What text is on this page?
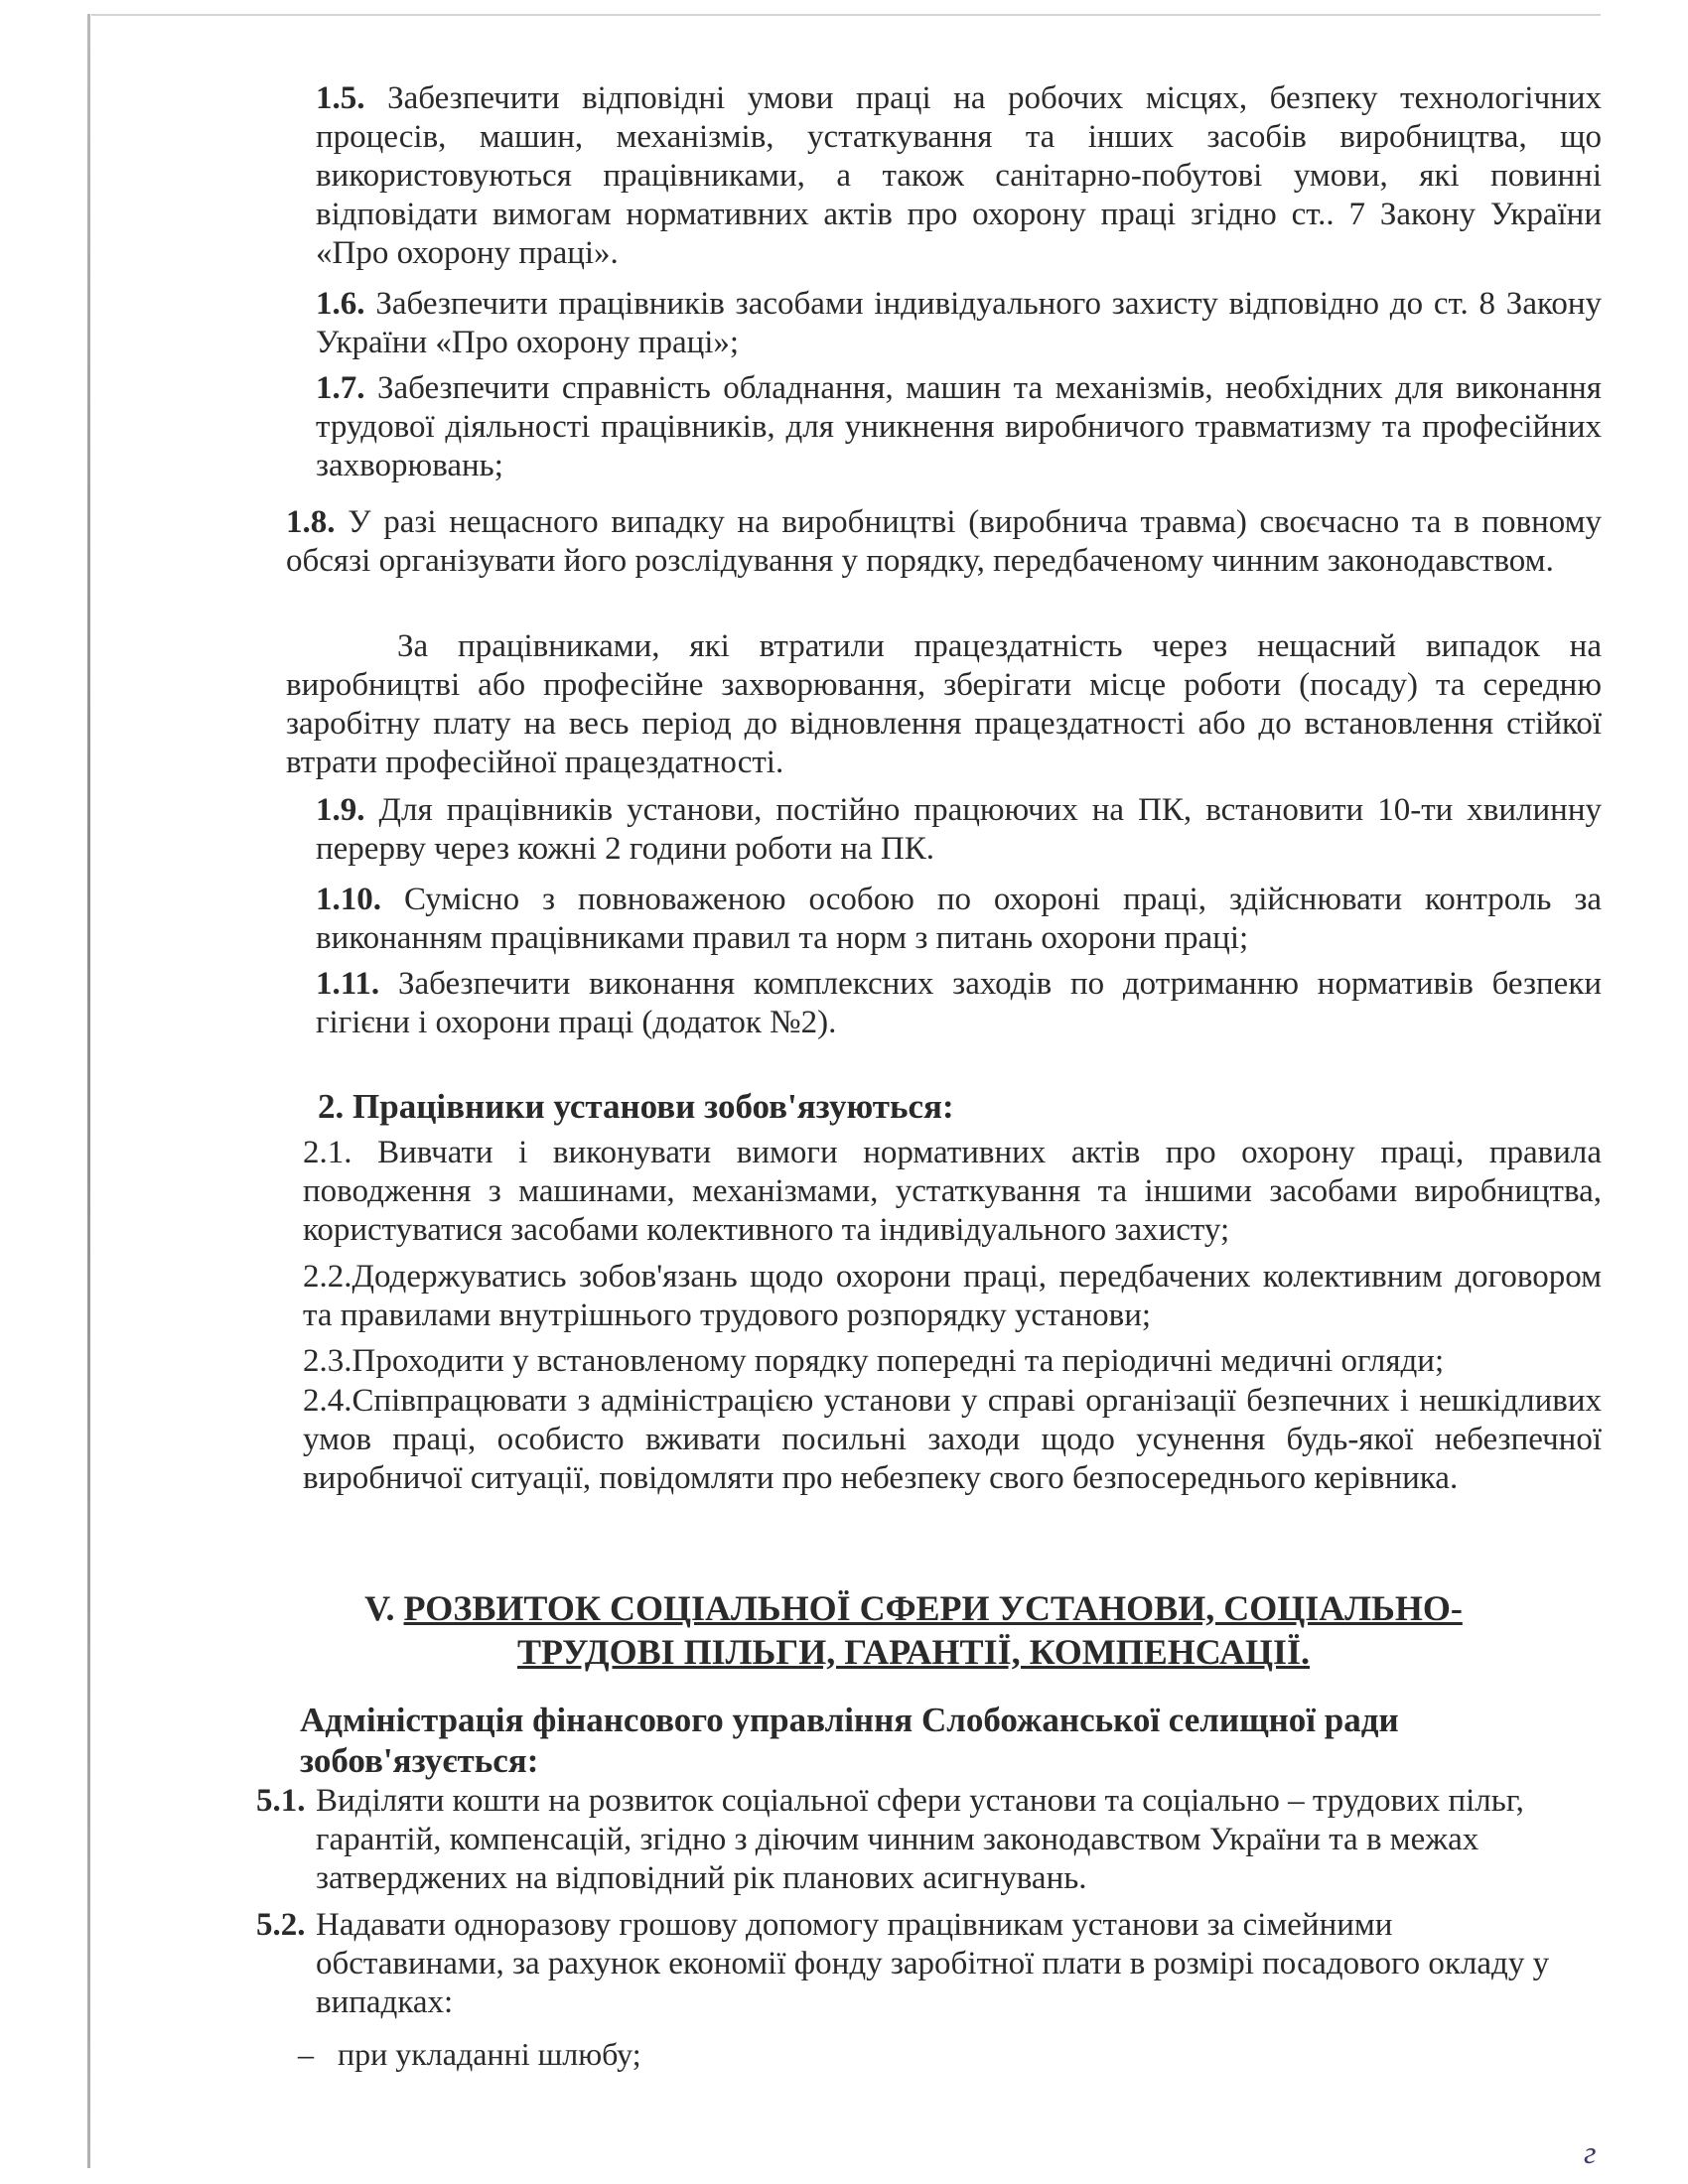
1.5. Забезпечити відповідні умови праці на робочих місцях, безпеку технологічних процесів, машин, механізмів, устаткування та інших засобів виробництва, що використовуються працівниками, а також санітарно-побутові умови, які повинні відповідати вимогам нормативних актів про охорону праці згідно ст.. 7 Закону України «Про охорону праці».

1.6. Забезпечити працівників засобами індивідуального захисту відповідно до ст. 8 Закону України «Про охорону праці»;

1.7. Забезпечити справність обладнання, машин та механізмів, необхідних для виконання трудової діяльності працівників, для уникнення виробничого травматизму та професійних захворювань;

1.8. У разі нещасного випадку на виробництві (виробнича травма) своєчасно та в повному обсязі організувати його розслідування у порядку, передбаченому чинним законодавством.

За працівниками, які втратили працездатність через нещасний випадок на виробництві або професійне захворювання, зберігати місце роботи (посаду) та середню заробітну плату на весь період до відновлення працездатності або до встановлення стійкої втрати професійної працездатності.

1.9. Для працівників установи, постійно працюючих на ПК, встановити 10-ти хвилинну перерву через кожні 2 години роботи на ПК.

1.10. Сумісно з повноваженою особою по охороні праці, здійснювати контроль за виконанням працівниками правил та норм з питань охорони праці;

1.11. Забезпечити виконання комплексних заходів по дотриманню нормативів безпеки гігієни і охорони праці (додаток №2).

2. Працівники установи зобов'язуються:

2.1. Вивчати і виконувати вимоги нормативних актів про охорону праці, правила поводження з машинами, механізмами, устаткування та іншими засобами виробництва, користуватися засобами колективного та індивідуального захисту;

2.2.Додержуватись зобов'язань щодо охорони праці, передбачених колективним договором та правилами внутрішнього трудового розпорядку установи;

2.3.Проходити у встановленому порядку попередні та періодичні медичні огляди;

2.4.Співпрацювати з адміністрацією установи у справі організації безпечних і нешкідливих умов праці, особисто вживати посильні заходи щодо усунення будь-якої небезпечної виробничої ситуації, повідомляти про небезпеку свого безпосереднього керівника.

V. РОЗВИТОК СОЦІАЛЬНОЇ СФЕРИ УСТАНОВИ, СОЦІАЛЬНО-
ТРУДОВІ ПІЛЬГИ, ГАРАНТІЇ, КОМПЕНСАЦІЇ.
Адміністрація фінансового управління Слобожанської селищної ради зобов'язується:

5.1. Виділяти кошти на розвиток соціальної сфери установи та соціально – трудових пільг, гарантій, компенсацій, згідно з діючим чинним законодавством України та в межах затверджених на відповідний рік планових асигнувань.

5.2. Надавати одноразову грошову допомогу працівникам установи за сімейними обставинами, за рахунок економії фонду заробітної плати в розмірі посадового окладу у випадках:

–   при укладанні шлюбу;

г
